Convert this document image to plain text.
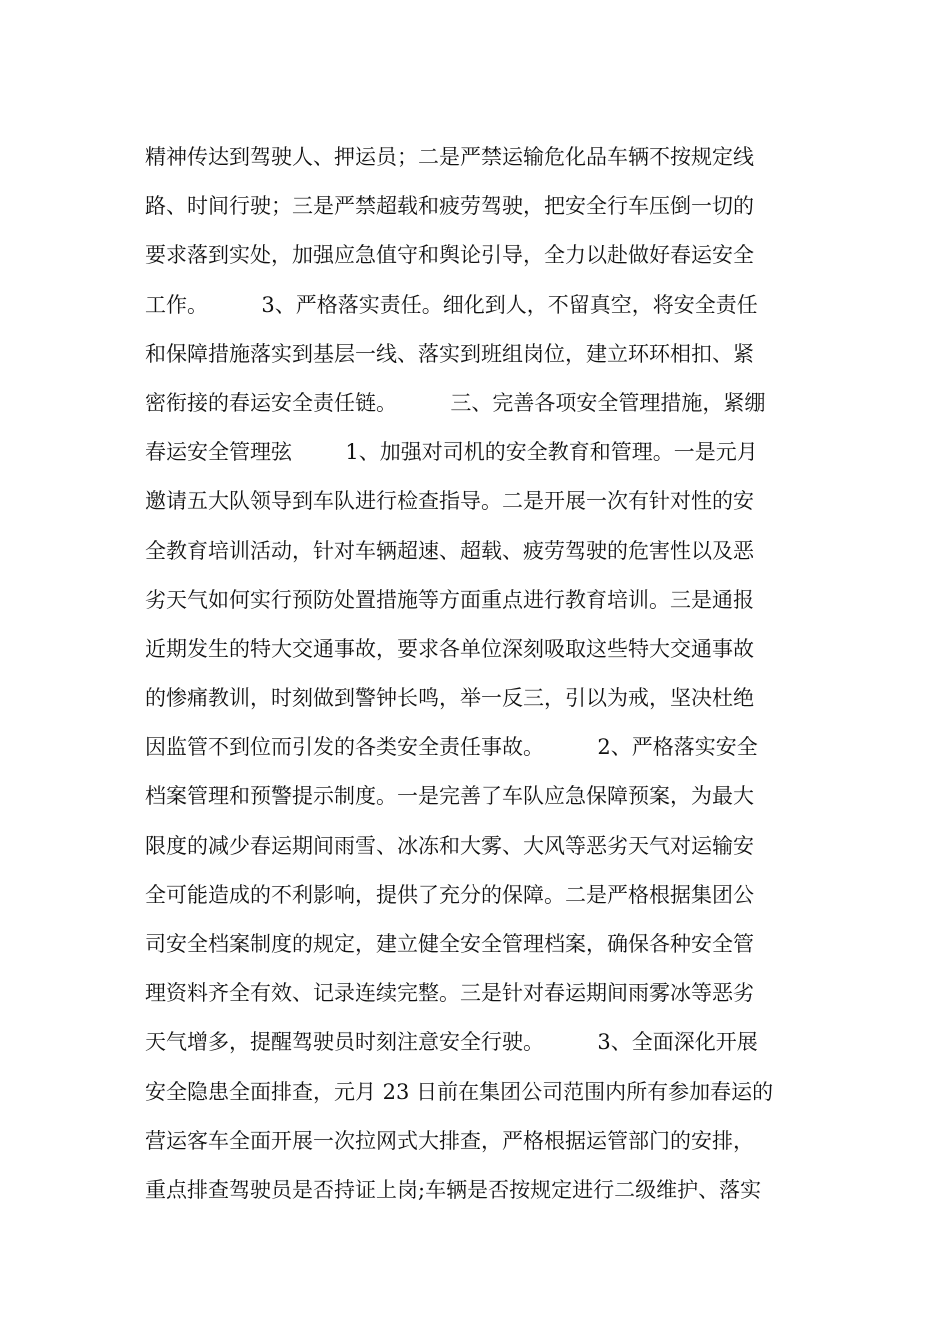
精神传达到驾驶人、押运员；二是严禁运输危化品车辆不按规定线
路、时间行驶；三是严禁超载和疲劳驾驶，把安全行车压倒一切的
要求落到实处，加强应急值守和舆论引导，全力以赴做好春运安全
工作。        3、严格落实责任。细化到人，不留真空，将安全责任
和保障措施落实到基层一线、落实到班组岗位，建立环环相扣、紧
密衔接的春运安全责任链。        三、完善各项安全管理措施，紧绷
春运安全管理弦        1、加强对司机的安全教育和管理。一是元月
邀请五大队领导到车队进行检查指导。二是开展一次有针对性的安
全教育培训活动，针对车辆超速、超载、疲劳驾驶的危害性以及恶
劣天气如何实行预防处置措施等方面重点进行教育培训。三是通报
近期发生的特大交通事故，要求各单位深刻吸取这些特大交通事故
的惨痛教训，时刻做到警钟长鸣，举一反三，引以为戒，坚决杜绝
因监管不到位而引发的各类安全责任事故。        2、严格落实安全
档案管理和预警提示制度。一是完善了车队应急保障预案，为最大
限度的减少春运期间雨雪、冰冻和大雾、大风等恶劣天气对运输安
全可能造成的不利影响，提供了充分的保障。二是严格根据集团公
司安全档案制度的规定，建立健全安全管理档案，确保各种安全管
理资料齐全有效、记录连续完整。三是针对春运期间雨雾冰等恶劣
天气增多，提醒驾驶员时刻注意安全行驶。        3、全面深化开展
安全隐患全面排查，元月 23 日前在集团公司范围内所有参加春运的
营运客车全面开展一次拉网式大排查，严格根据运管部门的安排，
重点排查驾驶员是否持证上岗;车辆是否按规定进行二级维护、落实
